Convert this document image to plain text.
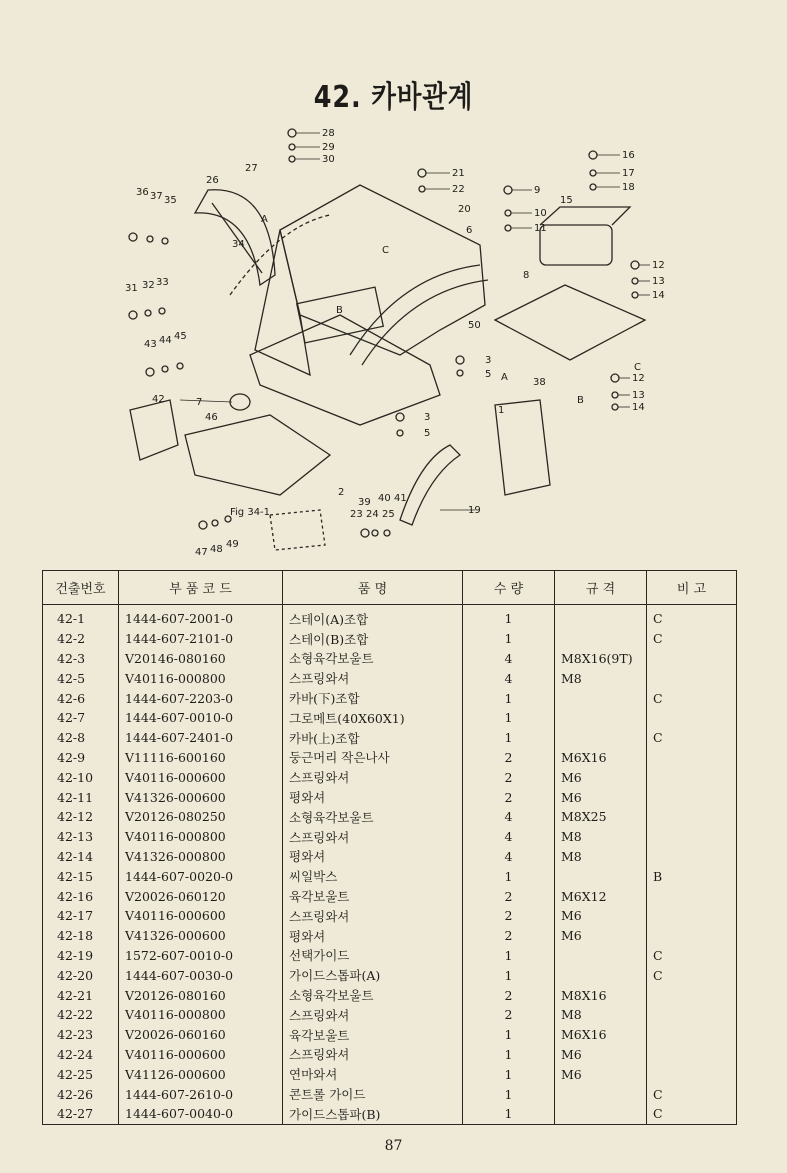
42. 카바관계
28
29
30
27
26
36 37 35
34
31 32 33
43 44 45
21
22
20
6
9
10
11
15
16
17
18
12
13
14
8
50
3
5
38	12
13
14
7
42
46	3
5
1
2
39 40 41
19
23 24 25
47 48 49
Fig 34-1
A
B
C
A
B
C
건출번호	부 품 코 드	품 명	수 량	규 격	비 고
42-1	1444-607-2001-0	스테이(A)조합	1		C
42-2	1444-607-2101-0	스테이(B)조합	1		C
42-3	V20146-080160	소형육각보울트	4	M8X16(9T)	
42-5	V40116-000800	스프링와셔	4	M8	
42-6	1444-607-2203-0	카바(下)조합	1		C
42-7	1444-607-0010-0	그로메트(40X60X1)	1		
42-8	1444-607-2401-0	카바(上)조합	1		C
42-9	V11116-600160	둥근머리 작은나사	2	M6X16	
42-10	V40116-000600	스프링와셔	2	M6	
42-11	V41326-000600	평와셔	2	M6	
42-12	V20126-080250	소형육각보울트	4	M8X25	
42-13	V40116-000800	스프링와셔	4	M8	
42-14	V41326-000800	평와셔	4	M8	
42-15	1444-607-0020-0	씨일박스	1		B
42-16	V20026-060120	육각보울트	2	M6X12	
42-17	V40116-000600	스프링와셔	2	M6	
42-18	V41326-000600	평와셔	2	M6	
42-19	1572-607-0010-0	선택가이드	1		C
42-20	1444-607-0030-0	가이드스톱파(A)	1		C
42-21	V20126-080160	소형육각보울트	2	M8X16	
42-22	V40116-000800	스프링와셔	2	M8	
42-23	V20026-060160	육각보울트	1	M6X16	
42-24	V40116-000600	스프링와셔	1	M6	
42-25	V41126-000600	연마와셔	1	M6	
42-26	1444-607-2610-0	콘트롤 가이드	1		C
42-27	1444-607-0040-0	가이드스톱파(B)	1		C
87
